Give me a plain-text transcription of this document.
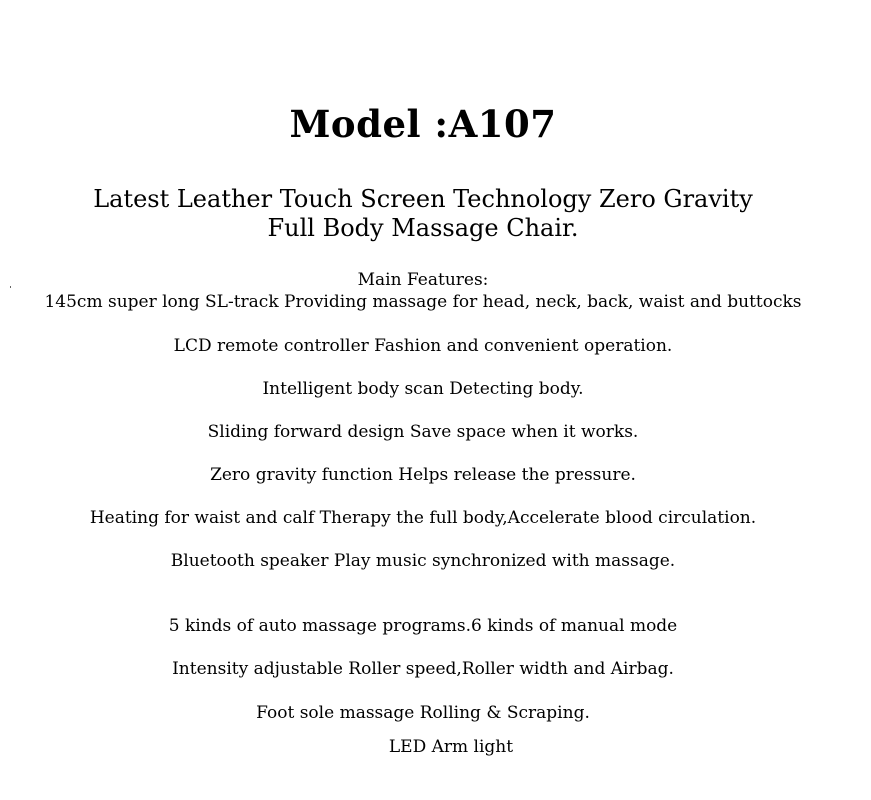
Model :A107
Latest Leather Touch Screen Technology Zero Gravity
Full Body Massage Chair.
Main Features:
145cm super long SL-track Providing massage for head, neck, back, waist and buttocks
LCD remote controller Fashion and convenient operation.
Intelligent body scan Detecting body.
Sliding forward design Save space when it works.
Zero gravity function Helps release the pressure.
Heating for waist and calf Therapy the full body,Accelerate blood circulation.
Bluetooth speaker Play music synchronized with massage.
5 kinds of auto massage programs.6 kinds of manual mode
Intensity adjustable Roller speed,Roller width and Airbag.
Foot sole massage Rolling & Scraping.
LED Arm light
